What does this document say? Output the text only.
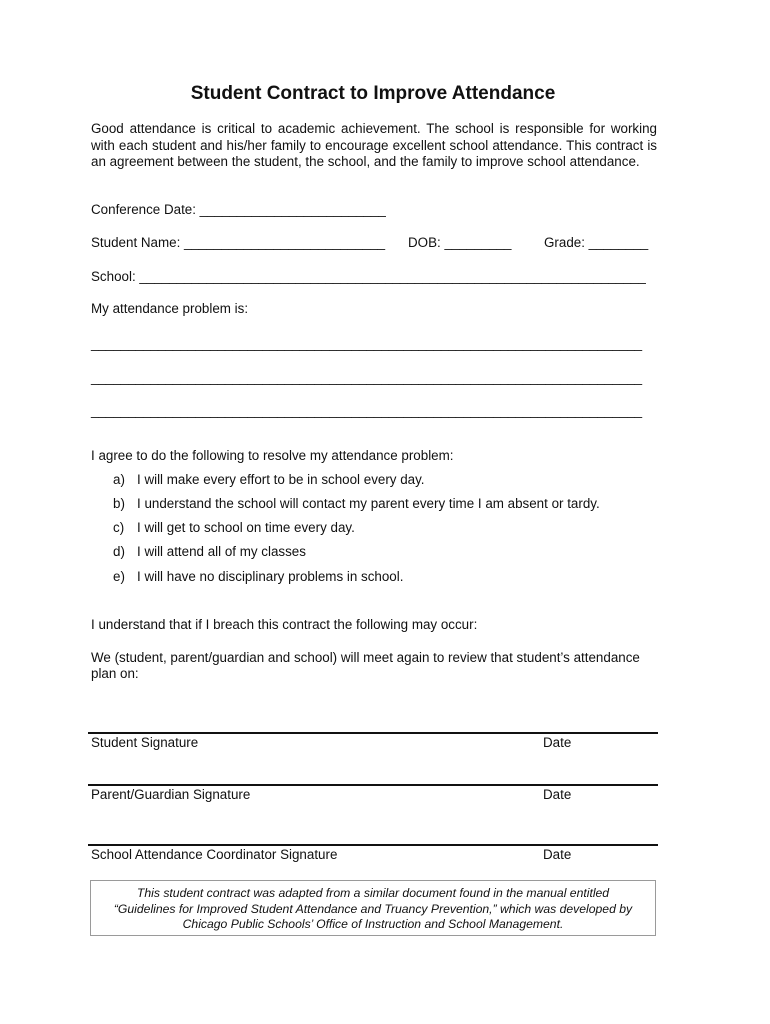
Student Contract to Improve Attendance
Good attendance is critical to academic achievement. The school is responsible for working with each student and his/her family to encourage excellent school attendance. This contract is an agreement between the student, the school, and the family to improve school attendance.
Conference Date: _________________________
Student Name: ___________________________ DOB: _________ Grade: ________
School: ____________________________________________________________________
My attendance problem is:
__________________________________________________________________________
__________________________________________________________________________
__________________________________________________________________________
I agree to do the following to resolve my attendance problem:
a) I will make every effort to be in school every day.
b) I understand the school will contact my parent every time I am absent or tardy.
c) I will get to school on time every day.
d) I will attend all of my classes
e) I will have no disciplinary problems in school.
I understand that if I breach this contract the following may occur:
We (student, parent/guardian and school) will meet again to review that student’s attendance
plan on:
Student Signature	Date
Parent/Guardian Signature	Date
School Attendance Coordinator Signature	Date
This student contract was adapted from a similar document found in the manual entitled
“Guidelines for Improved Student Attendance and Truancy Prevention,” which was developed by
Chicago Public Schools’ Office of Instruction and School Management.
